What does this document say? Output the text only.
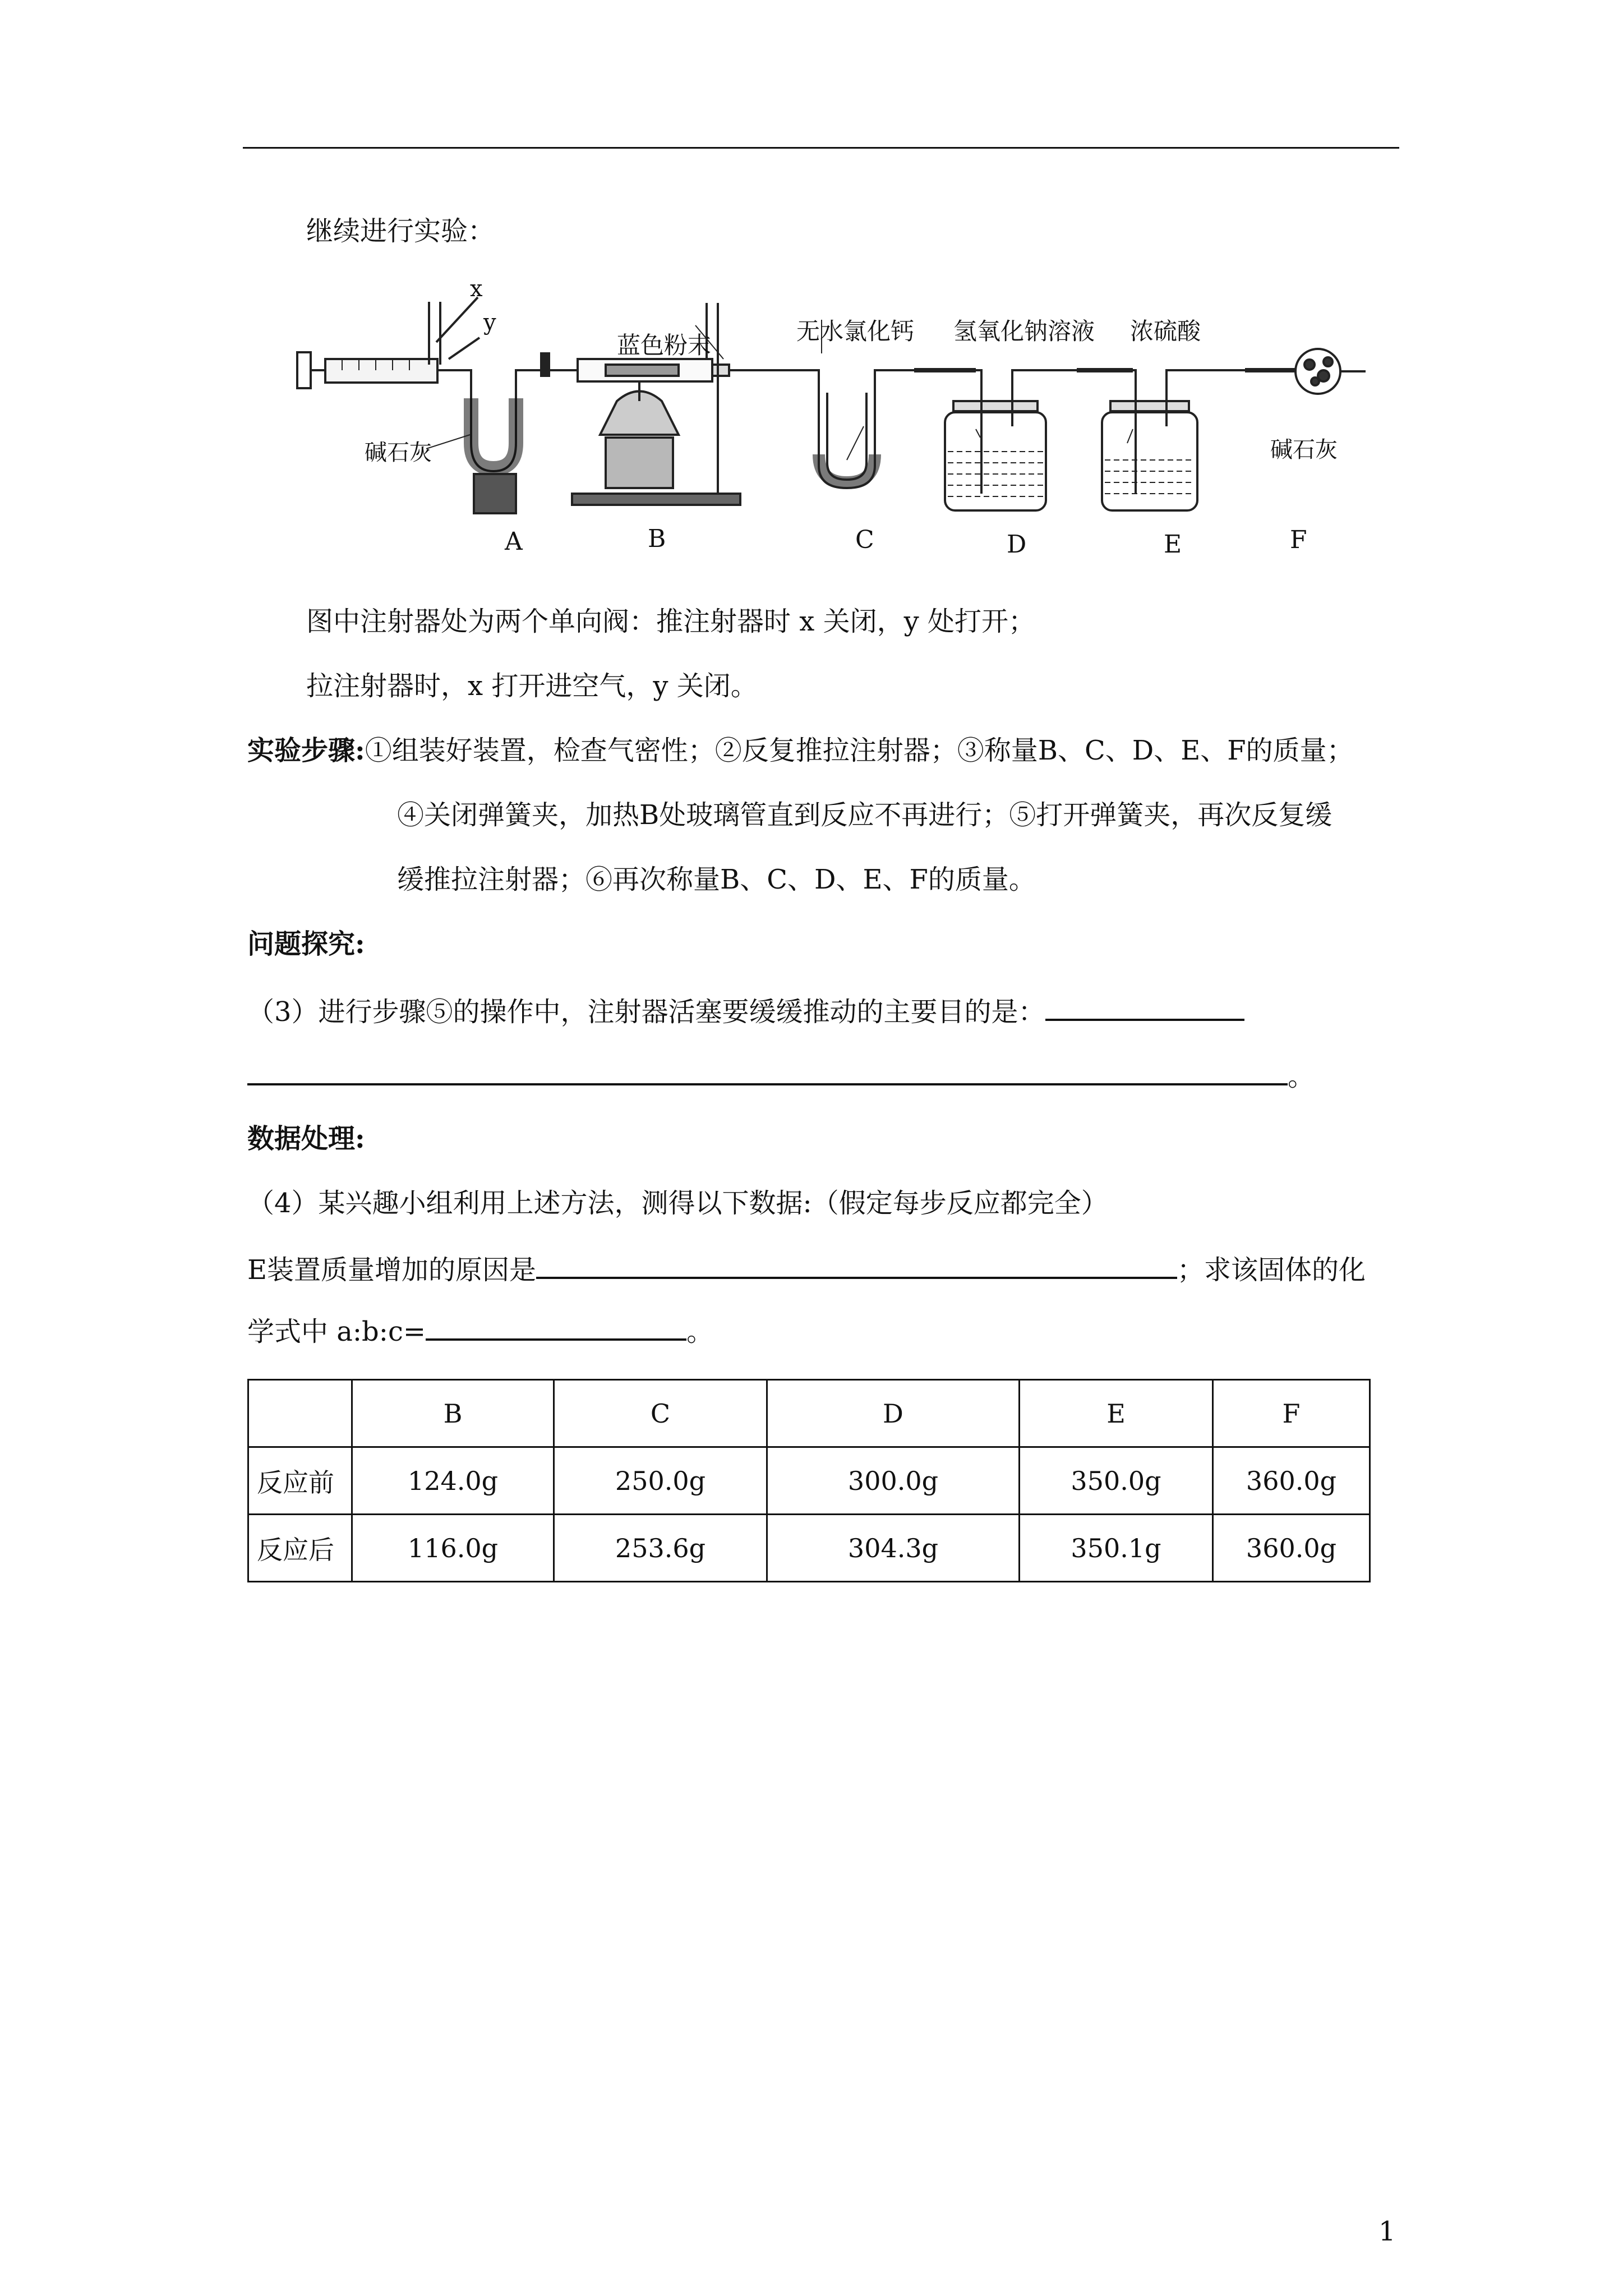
继续进行实验：
x
y
蓝色粉末
无水氯化钙 氢氧化钠溶液 浓硫酸
碱石灰	碱石灰
A	B	C	D	E	F
图中注射器处为两个单向阀：推注射器时 x 关闭，y 处打开；
拉注射器时，x 打开进空气，y 关闭。
实验步骤:①组装好装置，检查气密性；②反复推拉注射器；③称量B、C、D、E、F的质量；
④关闭弹簧夹，加热B处玻璃管直到反应不再进行；⑤打开弹簧夹，再次反复缓
缓推拉注射器；⑥再次称量B、C、D、E、F的质量。
问题探究:
（3）进行步骤⑤的操作中，注射器活塞要缓缓推动的主要目的是：
。
数据处理:
（4）某兴趣小组利用上述方法，测得以下数据:（假定每步反应都完全）
E装置质量增加的原因是	；求该固体的化
学式中 a:b:c=	。
	B	C	D	E	F
反应前	124.0g	250.0g	300.0g	350.0g	360.0g
反应后	116.0g	253.6g	304.3g	350.1g	360.0g
1
